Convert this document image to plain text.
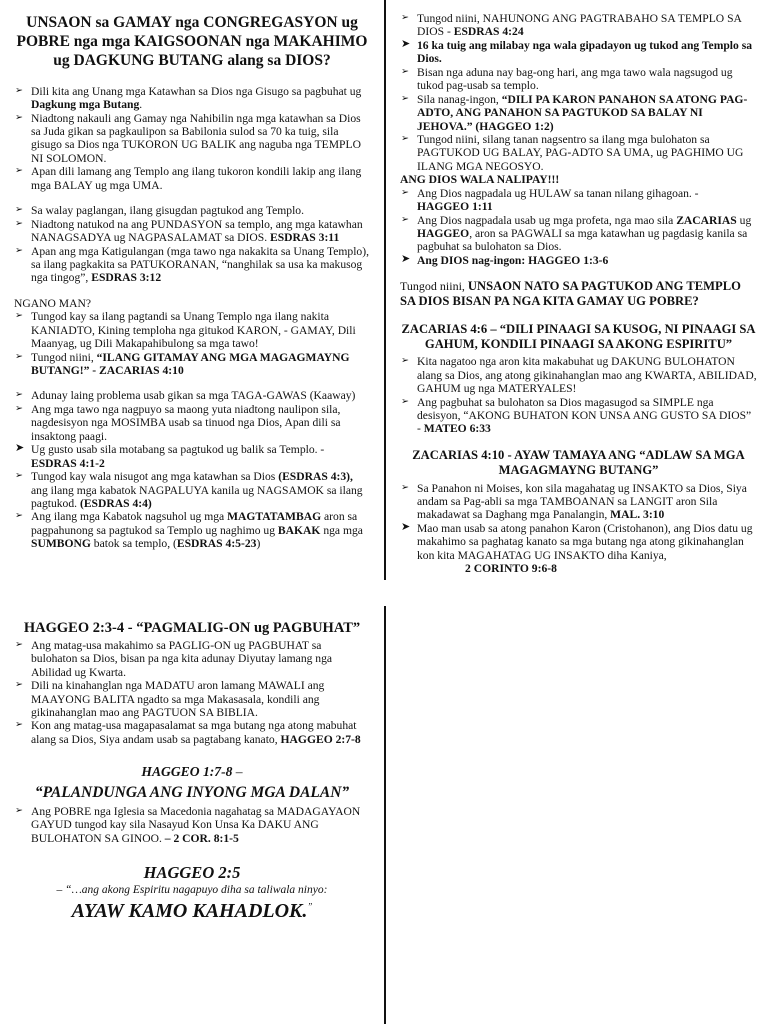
UNSAON sa GAMAY nga CONGREGASYON ug POBRE nga mga KAIGSOONAN nga MAKAHIMO ug DAGKUNG BUTANG alang sa DIOS?
➢ Dili kita ang Unang mga Katawhan sa Dios nga Gisugo sa pagbuhat ug Dagkung mga Butang.
➢ Niadtong nakauli ang Gamay nga Nahibilin nga mga katawhan sa Dios sa Juda gikan sa pagkaulipon sa Babilonia sulod sa 70 ka tuig, sila gisugo sa Dios nga TUKORON UG BALIK ang naguba nga TEMPLO NI SOLOMON.
➢ Apan dili lamang ang Templo ang ilang tukoron kondili lakip ang ilang mga BALAY ug mga UMA.
➢ Sa walay paglangan, ilang gisugdan pagtukod ang Templo.
➢ Niadtong natukod na ang PUNDASYON sa templo, ang mga katawhan NANAGSADYA ug NAGPASALAMAT sa DIOS. ESDRAS 3:11
➢ Apan ang mga Katigulangan (mga tawo nga nakakita sa Unang Templo), sa ilang pagkakita sa PATUKORANAN, “nanghilak sa usa ka makusog nga tingog”, ESDRAS 3:12
NGANO MAN?
➢ Tungod kay sa ilang pagtandi sa Unang Templo nga ilang nakita KANIADTO, Kining temploha nga gitukod KARON, - GAMAY, Dili Maanyag, ug Dili Makapahibulong sa mga tawo!
➢ Tungod niini, “ILANG GITAMAY ANG MGA MAGAGMAYNG BUTANG!” - ZACARIAS 4:10
➢ Adunay laing problema usab gikan sa mga TAGA-GAWAS (Kaaway)
➢ Ang mga tawo nga nagpuyo sa maong yuta niadtong naulipon sila, nagdesisyon nga MOSIMBA usab sa tinuod nga Dios, Apan dili sa insaktong paagi.
➤ Ug gusto usab sila motabang sa pagtukod ug balik sa Templo. - ESDRAS 4:1-2
➢ Tungod kay wala nisugot ang mga katawhan sa Dios (ESDRAS 4:3), ang ilang mga kabatok NAGPALUYA kanila ug NAGSAMOK sa ilang pagtukod. (ESDRAS 4:4)
➢ Ang ilang mga Kabatok nagsuhol ug mga MAGTATAMBAG aron sa pagpahunong sa pagtukod sa Templo ug naghimo ug BAKAK nga mga SUMBONG batok sa templo, (ESDRAS 4:5-23)
➢ Tungod niini, NAHUNONG ANG PAGTRABAHO SA TEMPLO SA DIOS - ESDRAS 4:24
➤ 16 ka tuig ang milabay nga wala gipadayon ug tukod ang Templo sa Dios.
➢ Bisan nga aduna nay bag-ong hari, ang mga tawo wala nagsugod ug tukod pag-usab sa templo.
➢ Sila nanag-ingon, “DILI PA KARON PANAHON SA ATONG PAG-ADTO, ANG PANAHON SA PAGTUKOD SA BALAY NI JEHOVA.” (HAGGEO 1:2)
➢ Tungod niini, silang tanan nagsentro sa ilang mga bulohaton sa PAGTUKOD UG BALAY, PAG-ADTO SA UMA, ug PAGHIMO UG ILANG MGA NEGOSYO.
ANG DIOS WALA NALIPAY!!!
➢ Ang Dios nagpadala ug HULAW sa tanan nilang gihagoan. -
HAGGEO 1:11
➢ Ang Dios nagpadala usab ug mga profeta, nga mao sila ZACARIAS ug HAGGEO, aron sa PAGWALI sa mga katawhan ug pagdasig kanila sa pagbuhat sa bulohaton sa Dios.
➤ Ang DIOS nag-ingon: HAGGEO 1:3-6

Tungod niini, UNSAON NATO SA PAGTUKOD ANG TEMPLO SA DIOS BISAN PA NGA KITA GAMAY UG POBRE?

ZACARIAS 4:6 – “DILI PINAAGI SA KUSOG, NI PINAAGI SA GAHUM, KONDILI PINAAGI SA AKONG ESPIRITU”
➢ Kita nagatoo nga aron kita makabuhat ug DAKUNG BULOHATON alang sa Dios, ang atong gikinahanglan mao ang KWARTA, ABILIDAD, GAHUM ug nga MATERYALES!
➢ Ang pagbuhat sa bulohaton sa Dios magasugod sa SIMPLE nga desisyon, “AKONG BUHATON KON UNSA ANG GUSTO SA DIOS” - MATEO 6:33
ZACARIAS 4:10 - AYAW TAMAYA ANG “ADLAW SA MGA MAGAGMAYNG BUTANG”
➢ Sa Panahon ni Moises, kon sila magahatag ug INSAKTO sa Dios, Siya andam sa Pag-abli sa mga TAMBOANAN sa LANGIT aron Sila makadawat sa Daghang mga Panalangin, MAL. 3:10
➤ Mao man usab sa atong panahon Karon (Cristohanon), ang Dios datu ug makahimo sa paghatag kanato sa mga butang nga atong gikinahanglan kon kita MAGAHATAG UG INSAKTO diha Kaniya,
2 CORINTO 9:6-8
HAGGEO 2:3-4 - “PAGMALIG-ON ug PAGBUHAT”
➢ Ang matag-usa makahimo sa PAGLIG-ON ug PAGBUHAT sa bulohaton sa Dios, bisan pa nga kita adunay Diyutay lamang nga Abilidad ug Kwarta.
➢ Dili na kinahanglan nga MADATU aron lamang MAWALI ang MAAYONG BALITA ngadto sa mga Makasasala, kondili ang gikinahanglan mao ang PAGTUON SA BIBLIA.
➢ Kon ang matag-usa magapasalamat sa mga butang nga atong mabuhat alang sa Dios, Siya andam usab sa pagtabang kanato, HAGGEO 2:7-8
HAGGEO 1:7-8 –
“PALANDUNGA ANG INYONG MGA DALAN”
➢ Ang POBRE nga Iglesia sa Macedonia nagahatag sa MADAGAYAON GAYUD tungod kay sila Nasayud Kon Unsa Ka DAKU ANG BULOHATON SA GINOO. – 2 COR. 8:1-5
HAGGEO 2:5
– “…ang akong Espiritu nagapuyo diha sa taliwala ninyo:
AYAW KAMO KAHADLOK.”
